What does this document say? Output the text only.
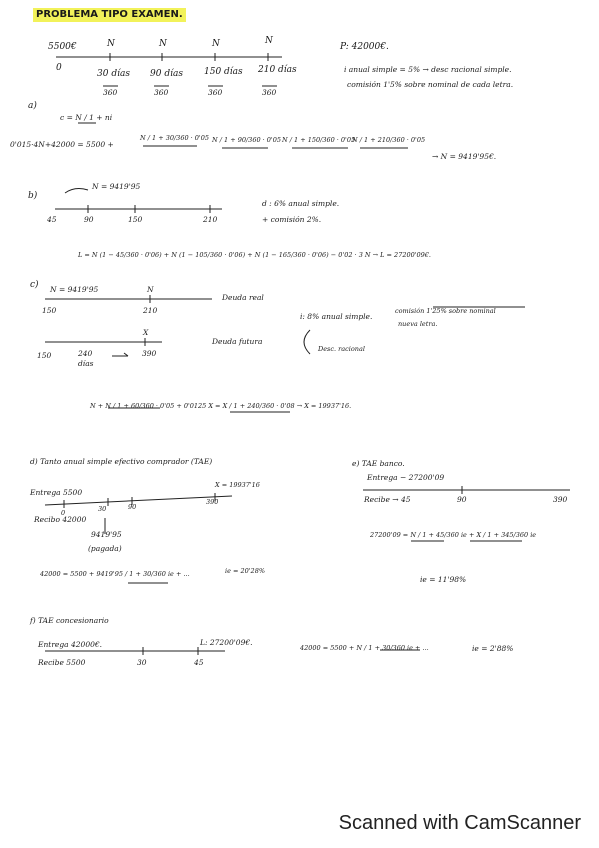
PROBLEMA TIPO EXAMEN.
5500€	N	N	N	N
0
30 días 90 días 150 días 210 días
360	360	360	360
P: 42000€.
i anual simple = 5% → desc racional simple.
comisión 1'5% sobre nominal de cada letra.
a)
c = N / 1 + ni
0'015·4N+42000 = 5500 +
N / 1 + 30/360 · 0'05 N / 1 + 90/360 · 0'05 N / 1 + 150/360 · 0'05
N / 1 + 210/360 · 0'05
→ N = 9419'95€.
b)
N = 9419'95
45	90	150	210
d : 6% anual simple.
+ comisión 2%.
L = N (1 − 45/360 · 0'06) + N (1 − 105/360 · 0'06) + N (1 − 165/360 · 0'06) − 0'02 · 3 N → L = 27200'09€.
c) N = 9419'95	N
150	210
Deuda real
X
150	240	390
días
Deuda futura
i: 8% anual simple.
Desc. racional
comisión 1'25% sobre nominal
nueva letra.
N + N / 1 + 60/360 · 0'05 + 0'0125 X = X / 1 + 240/360 · 0'08 → X = 19937'16.
d) Tanto anual simple efectivo comprador (TAE)
Entrega 5500
X = 19937'16
0	30	90
390
Recibo 42000
9419'95
(pagada)
42000 = 5500 + 9419'95 / 1 + 30/360 ie + ...	ie = 20'28%
e) TAE banco.
Entrega − 27200'09
Recibe → 45	90	390
27200'09 = N / 1 + 45/360 ie + X / 1 + 345/360 ie
ie = 11'98%
f) TAE concesionario
Entrega 42000€.	L: 27200'09€.
Recibe 5500	30	45
42000 = 5500 + N / 1 + 30/360 ie + ...	ie = 2'88%
Scanned with CamScanner
